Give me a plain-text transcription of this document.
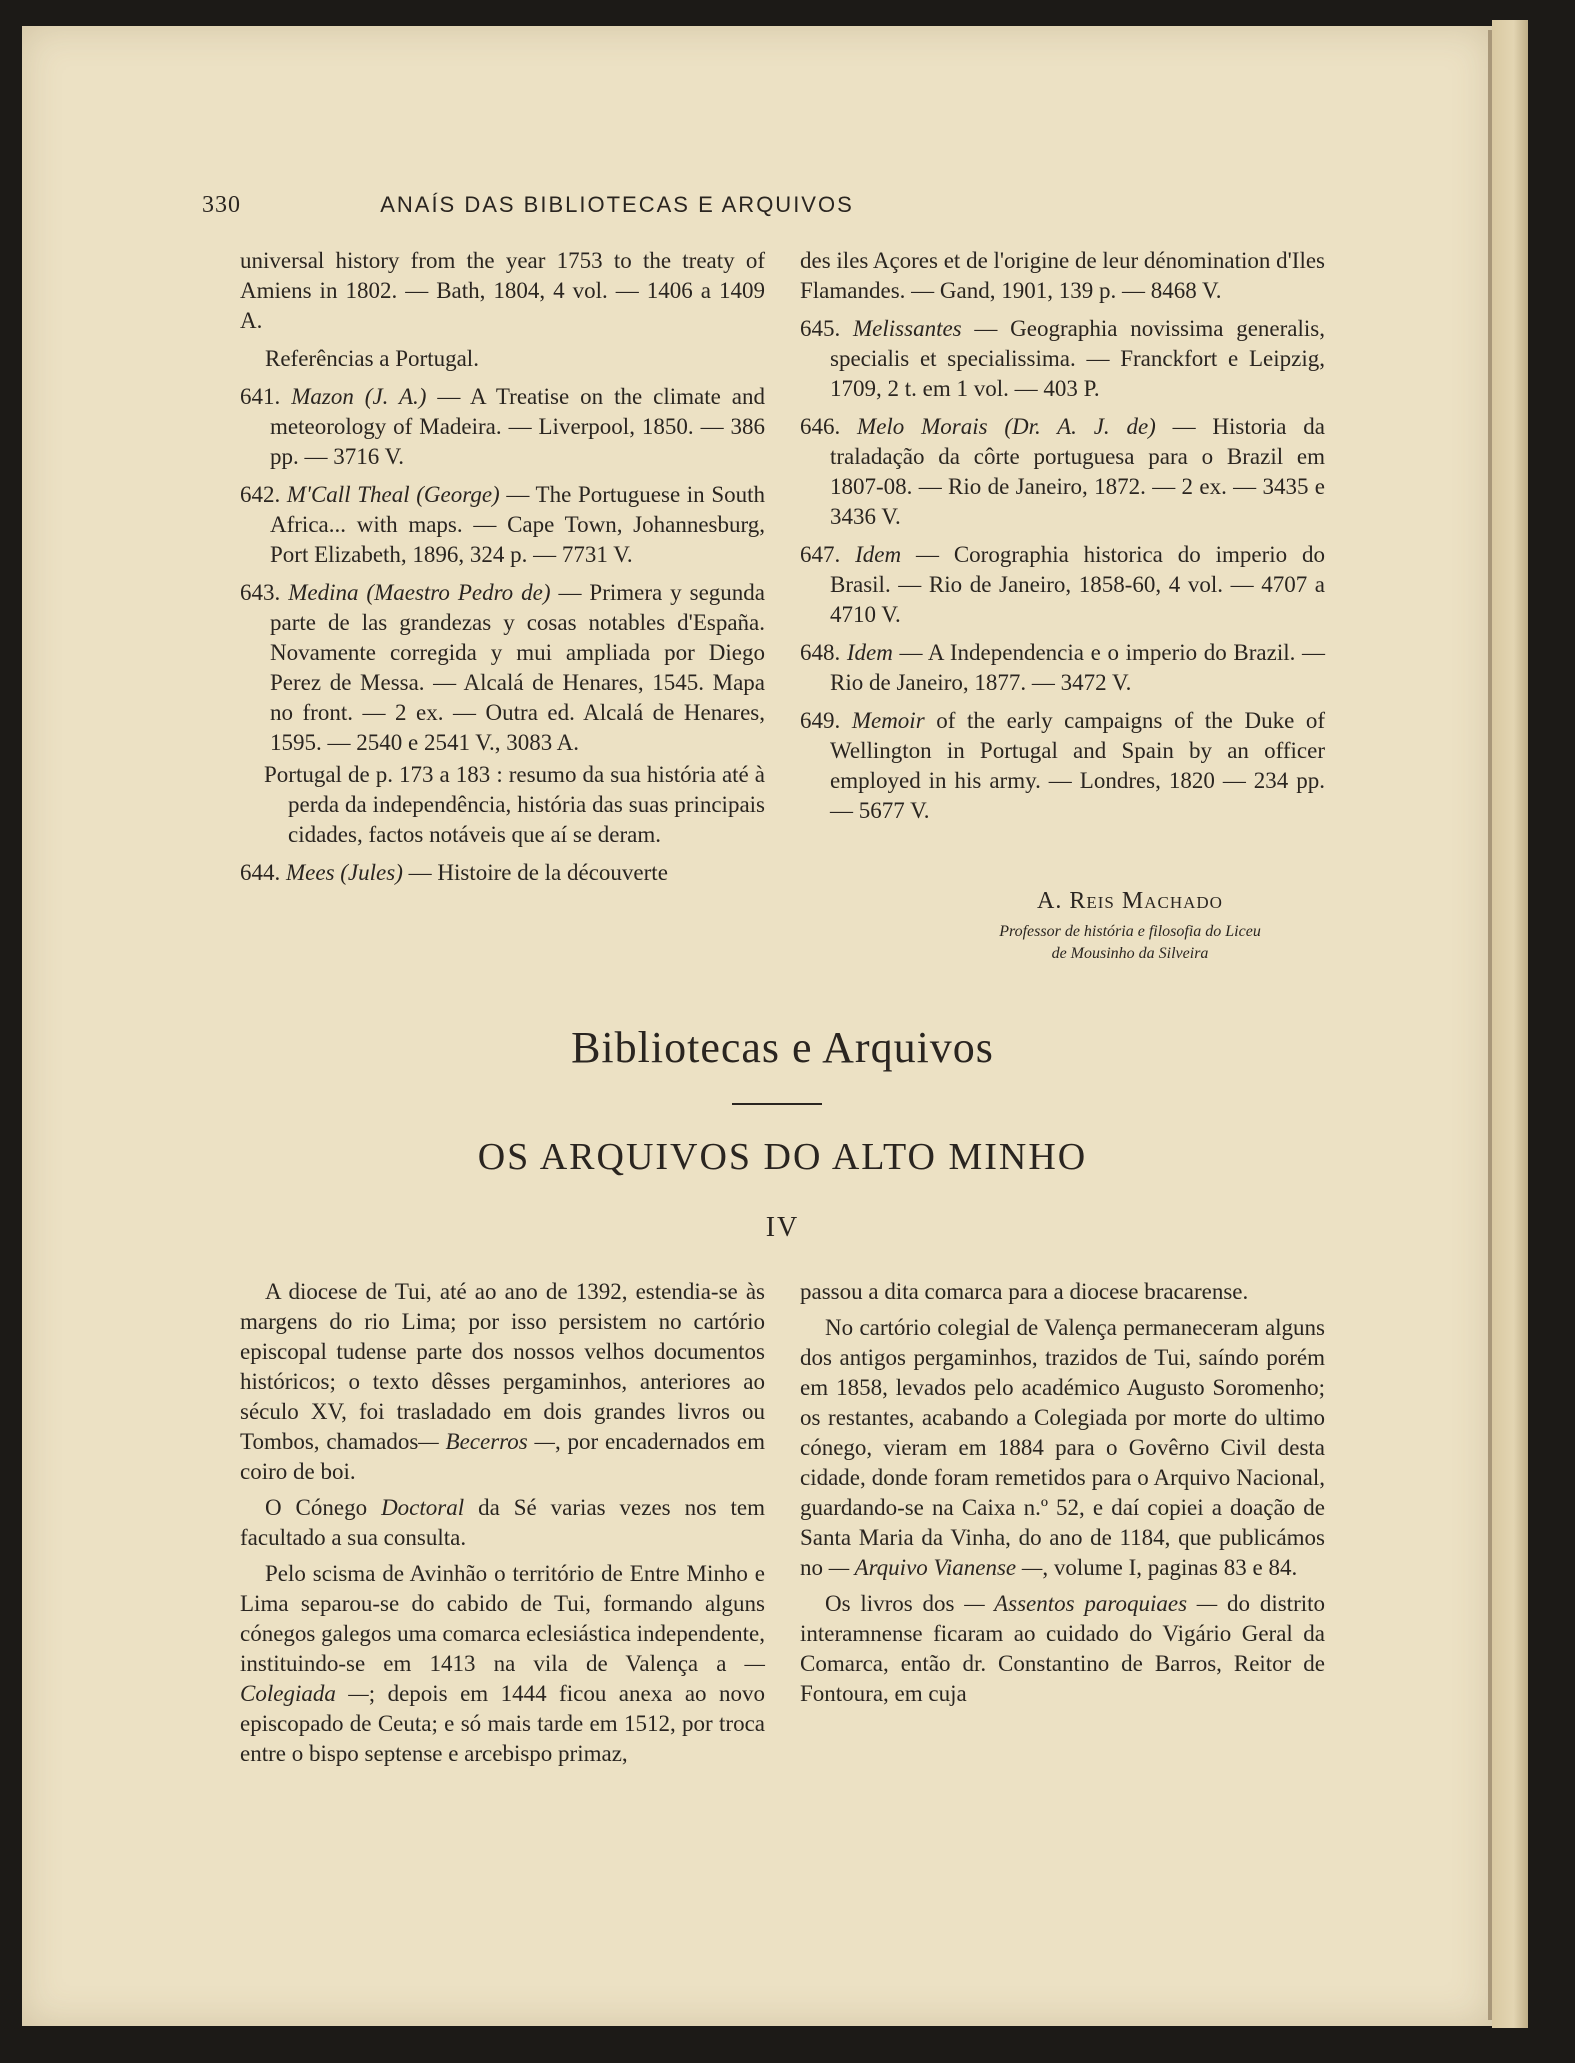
330	ANAÍS DAS BIBLIOTECAS E ARQUIVOS
universal history from the year 1753 to the treaty of Amiens in 1802. — Bath, 1804, 4 vol. — 1406 a 1409 A.
Referências a Portugal.
641. Mazon (J. A.) — A Treatise on the climate and meteorology of Madeira. — Liverpool, 1850. — 386 pp. — 3716 V.
642. M'Call Theal (George) — The Portuguese in South Africa... with maps. — Cape Town, Johannesburg, Port Elizabeth, 1896, 324 p. — 7731 V.
643. Medina (Maestro Pedro de) — Primera y segunda parte de las grandezas y cosas notables d'España. Novamente corregida y mui ampliada por Diego Perez de Messa. — Alcalá de Henares, 1545. Mapa no front. — 2 ex. — Outra ed. Alcalá de Henares, 1595. — 2540 e 2541 V., 3083 A.
Portugal de p. 173 a 183 : resumo da sua história até à perda da independência, história das suas principais cidades, factos notáveis que aí se deram.
644. Mees (Jules) — Histoire de la découverte
des iles Açores et de l'origine de leur dénomination d'Iles Flamandes. — Gand, 1901, 139 p. — 8468 V.
645. Melissantes — Geographia novissima generalis, specialis et specialissima. — Franckfort e Leipzig, 1709, 2 t. em 1 vol. — 403 P.
646. Melo Morais (Dr. A. J. de) — Historia da traladação da côrte portuguesa para o Brazil em 1807-08. — Rio de Janeiro, 1872. — 2 ex. — 3435 e 3436 V.
647. Idem — Corographia historica do imperio do Brasil. — Rio de Janeiro, 1858-60, 4 vol. — 4707 a 4710 V.
648. Idem — A Independencia e o imperio do Brazil. — Rio de Janeiro, 1877. — 3472 V.
649. Memoir of the early campaigns of the Duke of Wellington in Portugal and Spain by an officer employed in his army. — Londres, 1820 — 234 pp. — 5677 V.
A. Reis Machado
Professor de história e filosofia do Liceu
de Mousinho da Silveira
Bibliotecas e Arquivos
OS ARQUIVOS DO ALTO MINHO
IV

A diocese de Tui, até ao ano de 1392, estendia-se às margens do rio Lima; por isso persistem no cartório episcopal tudense parte dos nossos velhos documentos históricos; o texto dêsses pergaminhos, anteriores ao século XV, foi trasladado em dois grandes livros ou Tombos, chamados— Becerros —, por encadernados em coiro de boi.

O Cónego Doctoral da Sé varias vezes nos tem facultado a sua consulta.

Pelo scisma de Avinhão o território de Entre Minho e Lima separou-se do cabido de Tui, formando alguns cónegos galegos uma comarca eclesiástica independente, instituindo-se em 1413 na vila de Valença a — Colegiada —; depois em 1444 ficou anexa ao novo episcopado de Ceuta; e só mais tarde em 1512, por troca entre o bispo septense e arcebispo primaz,

passou a dita comarca para a diocese bracarense.

No cartório colegial de Valença permaneceram alguns dos antigos pergaminhos, trazidos de Tui, saíndo porém em 1858, levados pelo académico Augusto Soromenho; os restantes, acabando a Colegiada por morte do ultimo cónego, vieram em 1884 para o Govêrno Civil desta cidade, donde foram remetidos para o Arquivo Nacional, guardando-se na Caixa n.º 52, e daí copiei a doação de Santa Maria da Vinha, do ano de 1184, que publicámos no — Arquivo Vianense —, volume I, paginas 83 e 84.

Os livros dos — Assentos paroquiaes — do distrito interamnense ficaram ao cuidado do Vigário Geral da Comarca, então dr. Constantino de Barros, Reitor de Fontoura, em cuja
